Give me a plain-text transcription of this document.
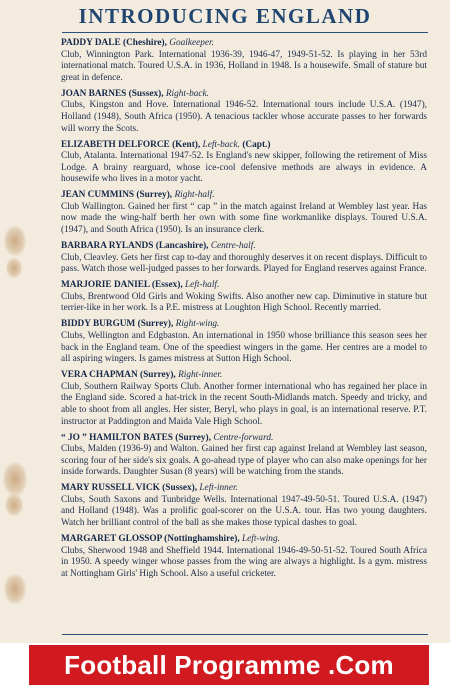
INTRODUCING ENGLAND
PADDY DALE (Cheshire), Goalkeeper.
Club, Winnington Park. International 1936-39, 1946-47, 1949-51-52. Is playing in her 53rd international match. Toured U.S.A. in 1936, Holland in 1948. Is a housewife. Small of stature but great in defence.
JOAN BARNES (Sussex), Right-back.
Clubs, Kingston and Hove. International 1946-52. International tours include U.S.A. (1947), Holland (1948), South Africa (1950). A tenacious tackler whose accurate passes to her forwards will worry the Scots.
ELIZABETH DELFORCE (Kent), Left-back. (Capt.)
Club, Atalanta. International 1947-52. Is England's new skipper, following the retirement of Miss Lodge. A brainy rearguard, whose ice-cool defensive methods are always in evidence. A housewife who lives in a motor yacht.
JEAN CUMMINS (Surrey), Right-half.
Club Wallington. Gained her first “ cap ” in the match against Ireland at Wembley last year. Has now made the wing-half berth her own with some fine workmanlike displays. Toured U.S.A. (1947), and South Africa (1950). Is an insurance clerk.
BARBARA RYLANDS (Lancashire), Centre-half.
Club, Cleavley. Gets her first cap to-day and thoroughly deserves it on recent displays. Difficult to pass. Watch those well-judged passes to her forwards. Played for England reserves against France.
MARJORIE DANIEL (Essex), Left-half.
Clubs, Brentwood Old Girls and Woking Swifts. Also another new cap. Diminutive in stature but terrier-like in her work. Is a P.E. mistress at Loughton High School. Recently married.
BIDDY BURGUM (Surrey), Right-wing.
Clubs, Wellington and Edgbaston. An international in 1950 whose brilliance this season sees her back in the England team. One of the speediest wingers in the game. Her centres are a model to all aspiring wingers. Is games mistress at Sutton High School.
VERA CHAPMAN (Surrey), Right-inner.
Club, Southern Railway Sports Club. Another former international who has regained her place in the England side. Scored a hat-trick in the recent South-Midlands match. Speedy and tricky, and able to shoot from all angles. Her sister, Beryl, who plays in goal, is an international reserve. P.T. instructor at Paddington and Maida Vale High School.
“ JO ” HAMILTON BATES (Surrey), Centre-forward.
Clubs, Malden (1936-9) and Walton. Gained her first cap against Ireland at Wembley last season, scoring four of her side's six goals. A go-ahead type of player who can also make openings for her inside forwards. Daughter Susan (8 years) will be watching from the stands.
MARY RUSSELL VICK (Sussex), Left-inner.
Clubs, South Saxons and Tunbridge Wells. International 1947-49-50-51. Toured U.S.A. (1947) and Holland (1948). Was a prolific goal-scorer on the U.S.A. tour. Has two young daughters. Watch her brilliant control of the ball as she makes those typical dashes to goal.
MARGARET GLOSSOP (Nottinghamshire), Left-wing.
Clubs, Sherwood 1948 and Sheffield 1944. International 1946-49-50-51-52. Toured South Africa in 1950. A speedy winger whose passes from the wing are always a highlight. Is a gym. mistress at Nottingham Girls' High School. Also a useful cricketer.
Football Programme .Com
